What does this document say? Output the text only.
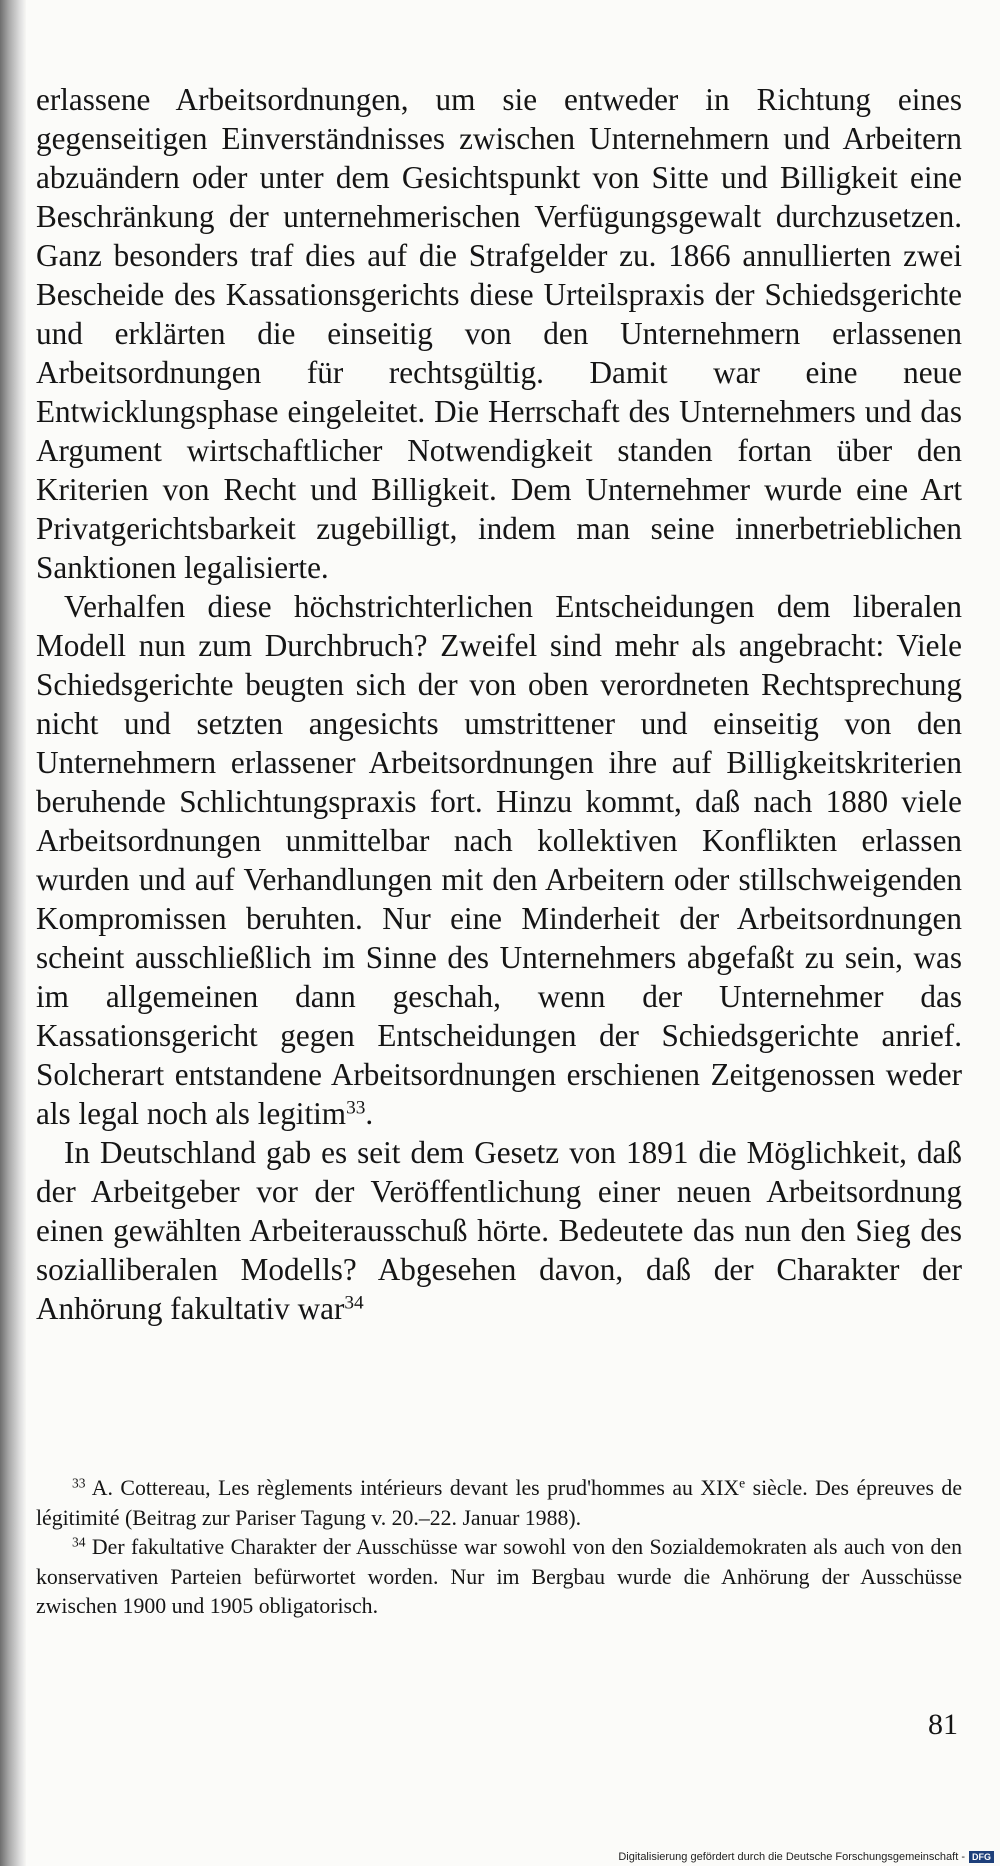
erlassene Arbeitsordnungen, um sie entweder in Richtung eines gegenseitigen Einverständnisses zwischen Unternehmern und Arbeitern abzuändern oder unter dem Gesichtspunkt von Sitte und Billigkeit eine Beschränkung der unternehmerischen Verfügungsgewalt durchzusetzen. Ganz besonders traf dies auf die Strafgelder zu. 1866 annullierten zwei Bescheide des Kassationsgerichts diese Urteilspraxis der Schiedsgerichte und erklärten die einseitig von den Unternehmern erlassenen Arbeitsordnungen für rechtsgültig. Damit war eine neue Entwicklungsphase eingeleitet. Die Herrschaft des Unternehmers und das Argument wirtschaftlicher Notwendigkeit standen fortan über den Kriterien von Recht und Billigkeit. Dem Unternehmer wurde eine Art Privatgerichtsbarkeit zugebilligt, indem man seine innerbetrieblichen Sanktionen legalisierte.

Verhalfen diese höchstrichterlichen Entscheidungen dem liberalen Modell nun zum Durchbruch? Zweifel sind mehr als angebracht: Viele Schiedsgerichte beugten sich der von oben verordneten Rechtsprechung nicht und setzten angesichts umstrittener und einseitig von den Unternehmern erlassener Arbeitsordnungen ihre auf Billigkeitskriterien beruhende Schlichtungspraxis fort. Hinzu kommt, daß nach 1880 viele Arbeitsordnungen unmittelbar nach kollektiven Konflikten erlassen wurden und auf Verhandlungen mit den Arbeitern oder stillschweigenden Kompromissen beruhten. Nur eine Minderheit der Arbeitsordnungen scheint ausschließlich im Sinne des Unternehmers abgefaßt zu sein, was im allgemeinen dann geschah, wenn der Unternehmer das Kassationsgericht gegen Entscheidungen der Schiedsgerichte anrief. Solcherart entstandene Arbeitsordnungen erschienen Zeitgenossen weder als legal noch als legitim$^{33}$.

In Deutschland gab es seit dem Gesetz von 1891 die Möglichkeit, daß der Arbeitgeber vor der Veröffentlichung einer neuen Arbeitsordnung einen gewählten Arbeiterausschuß hörte. Bedeutete das nun den Sieg des sozialliberalen Modells? Abgesehen davon, daß der Charakter der Anhörung fakultativ war$^{34}$

$^{33}$ A. Cottereau, Les règlements intérieurs devant les prud'hommes au XIXe siècle. Des épreuves de légitimité (Beitrag zur Pariser Tagung v. 20.–22. Januar 1988).

$^{34}$ Der fakultative Charakter der Ausschüsse war sowohl von den Sozialdemokraten als auch von den konservativen Parteien befürwortet worden. Nur im Bergbau wurde die Anhörung der Ausschüsse zwischen 1900 und 1905 obligatorisch.

81
Digitalisierung gefördert durch die Deutsche Forschungsgemeinschaft - DFG
